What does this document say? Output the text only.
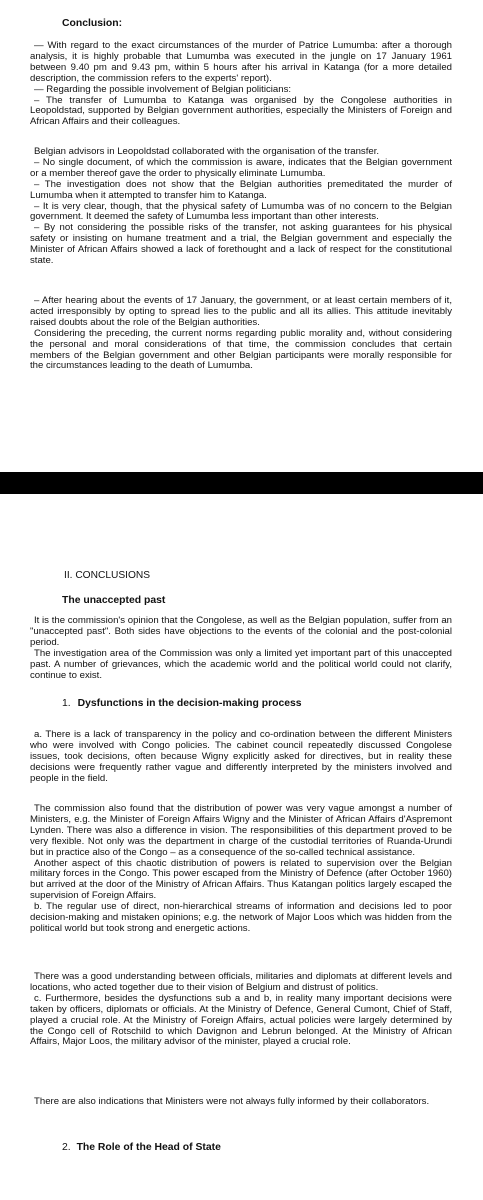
Conclusion:

— With regard to the exact circumstances of the murder of Patrice Lumumba: after a thorough analysis, it is highly probable that Lumumba was executed in the jungle on 17 January 1961 between 9.40 pm and 9.43 pm, within 5 hours after his arrival in Katanga (for a more detailed description, the commission refers to the experts' report).

— Regarding the possible involvement of Belgian politicians:

– The transfer of Lumumba to Katanga was organised by the Congolese authorities in Leopoldstad, supported by Belgian government authorities, especially the Ministers of Foreign and African Affairs and their colleagues.

Belgian advisors in Leopoldstad collaborated with the organisation of the transfer.

– No single document, of which the commission is aware, indicates that the Belgian government or a member thereof gave the order to physically eliminate Lumumba.

– The investigation does not show that the Belgian authorities premeditated the murder of Lumumba when it attempted to transfer him to Katanga.

– It is very clear, though, that the physical safety of Lumumba was of no concern to the Belgian government. It deemed the safety of Lumumba less important than other interests.

– By not considering the possible risks of the transfer, not asking guarantees for his physical safety or insisting on humane treatment and a trial, the Belgian government and especially the Minister of African Affairs showed a lack of forethought and a lack of respect for the constitutional state.

– After hearing about the events of 17 January, the government, or at least certain members of it, acted irresponsibly by opting to spread lies to the public and all its allies. This attitude inevitably raised doubts about the role of the Belgian authorities.

Considering the preceding, the current norms regarding public morality and, without considering the personal and moral considerations of that time, the commission concludes that certain members of the Belgian government and other Belgian participants were morally responsible for the circumstances leading to the death of Lumumba.

II. CONCLUSIONS
The unaccepted past

It is the commission's opinion that the Congolese, as well as the Belgian population, suffer from an "unaccepted past". Both sides have objections to the events of the colonial and the post-colonial period.

The investigation area of the Commission was only a limited yet important part of this unaccepted past. A number of grievances, which the academic world and the political world could not clarify, continue to exist.

1. Dysfunctions in the decision-making process

a. There is a lack of transparency in the policy and co-ordination between the different Ministers who were involved with Congo policies. The cabinet council repeatedly discussed Congolese issues, took decisions, often because Wigny explicitly asked for directives, but in reality these decisions were frequently rather vague and differently interpreted by the ministers involved and people in the field.

The commission also found that the distribution of power was very vague amongst a number of Ministers, e.g. the Minister of Foreign Affairs Wigny and the Minister of African Affairs d'Aspremont Lynden. There was also a difference in vision. The responsibilities of this department proved to be very flexible. Not only was the department in charge of the custodial territories of Ruanda-Urundi but in practice also of the Congo – as a consequence of the so-called technical assistance.

Another aspect of this chaotic distribution of powers is related to supervision over the Belgian military forces in the Congo. This power escaped from the Ministry of Defence (after October 1960) but arrived at the door of the Ministry of African Affairs. Thus Katangan politics largely escaped the supervision of Foreign Affairs.

b. The regular use of direct, non-hierarchical streams of information and decisions led to poor decision-making and mistaken opinions; e.g. the network of Major Loos which was hidden from the political world but took strong and energetic actions.

There was a good understanding between officials, militaries and diplomats at different levels and locations, who acted together due to their vision of Belgium and distrust of politics.

c. Furthermore, besides the dysfunctions sub a and b, in reality many important decisions were taken by officers, diplomats or officials. At the Ministry of Defence, General Cumont, Chief of Staff, played a crucial role. At the Ministry of Foreign Affairs, actual policies were largely determined by the Congo cell of Rotschild to which Davignon and Lebrun belonged. At the Ministry of African Affairs, Major Loos, the military advisor of the minister, played a crucial role.

There are also indications that Ministers were not always fully informed by their collaborators.

2. The Role of the Head of State
